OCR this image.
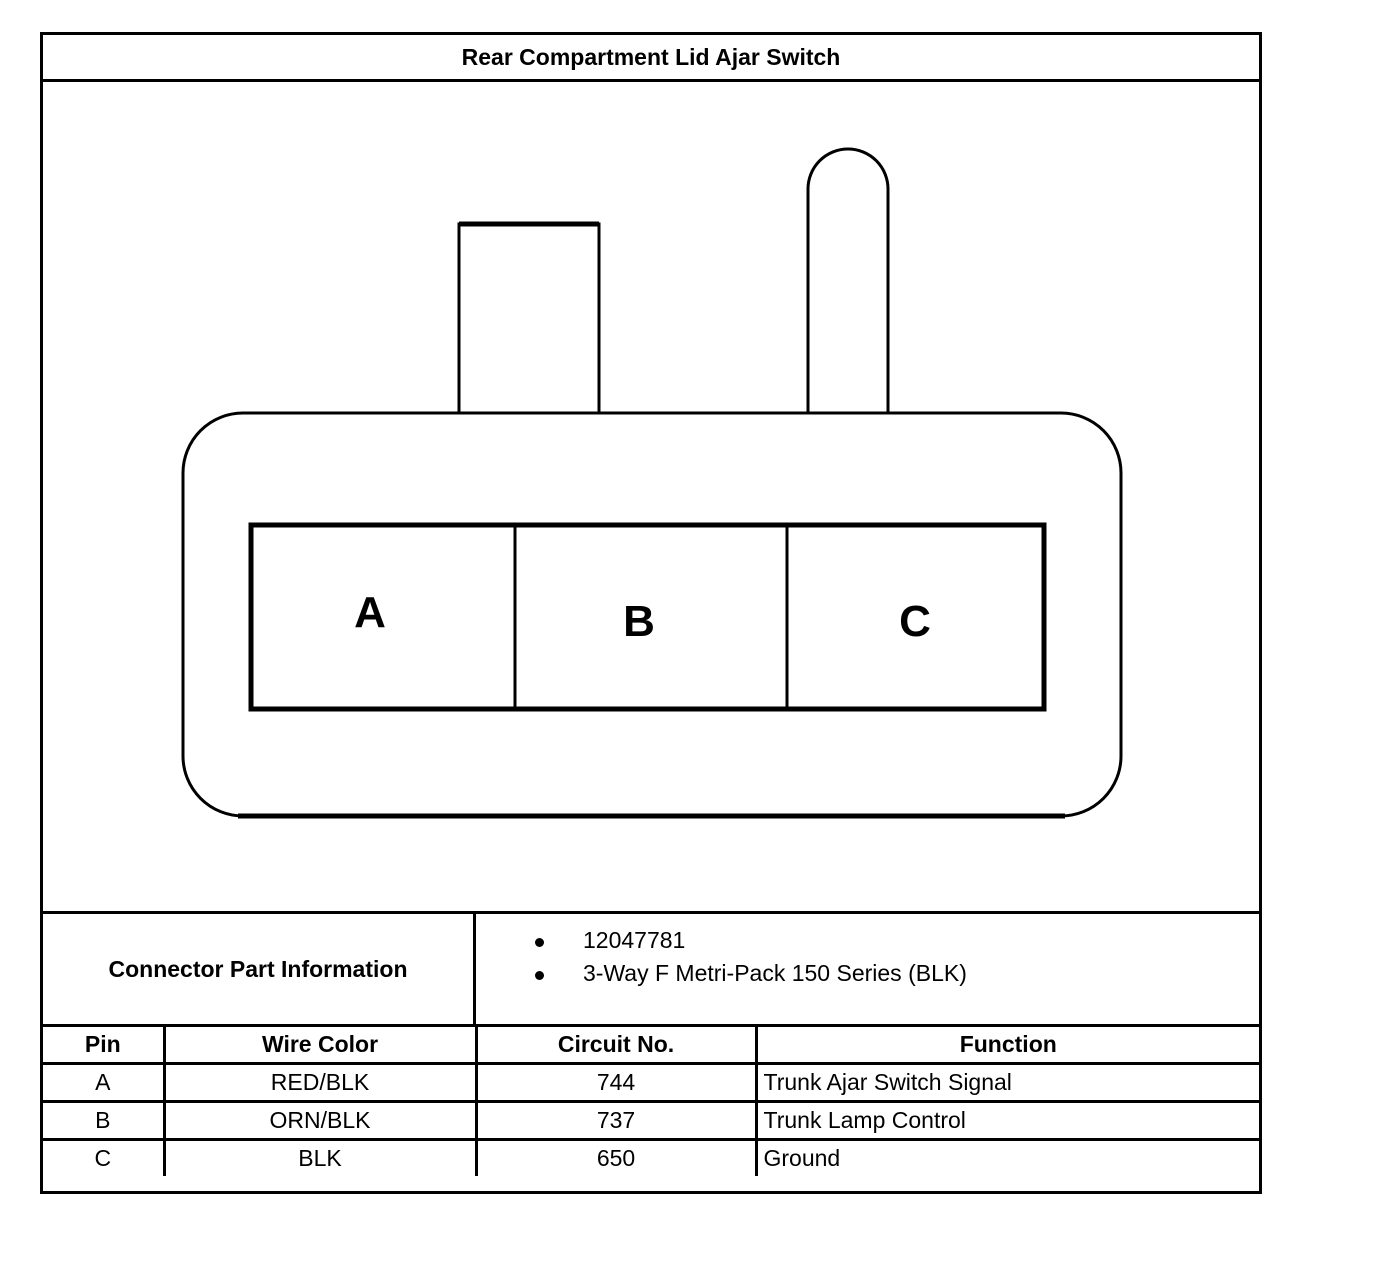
Rear Compartment Lid Ajar Switch
A	B	C
Connector Part Information
12047781
3-Way F Metri-Pack 150 Series (BLK)
Pin	Wire Color	Circuit No.	Function
A	RED/BLK	744	Trunk Ajar Switch Signal
B	ORN/BLK	737	Trunk Lamp Control
C	BLK	650	Ground
